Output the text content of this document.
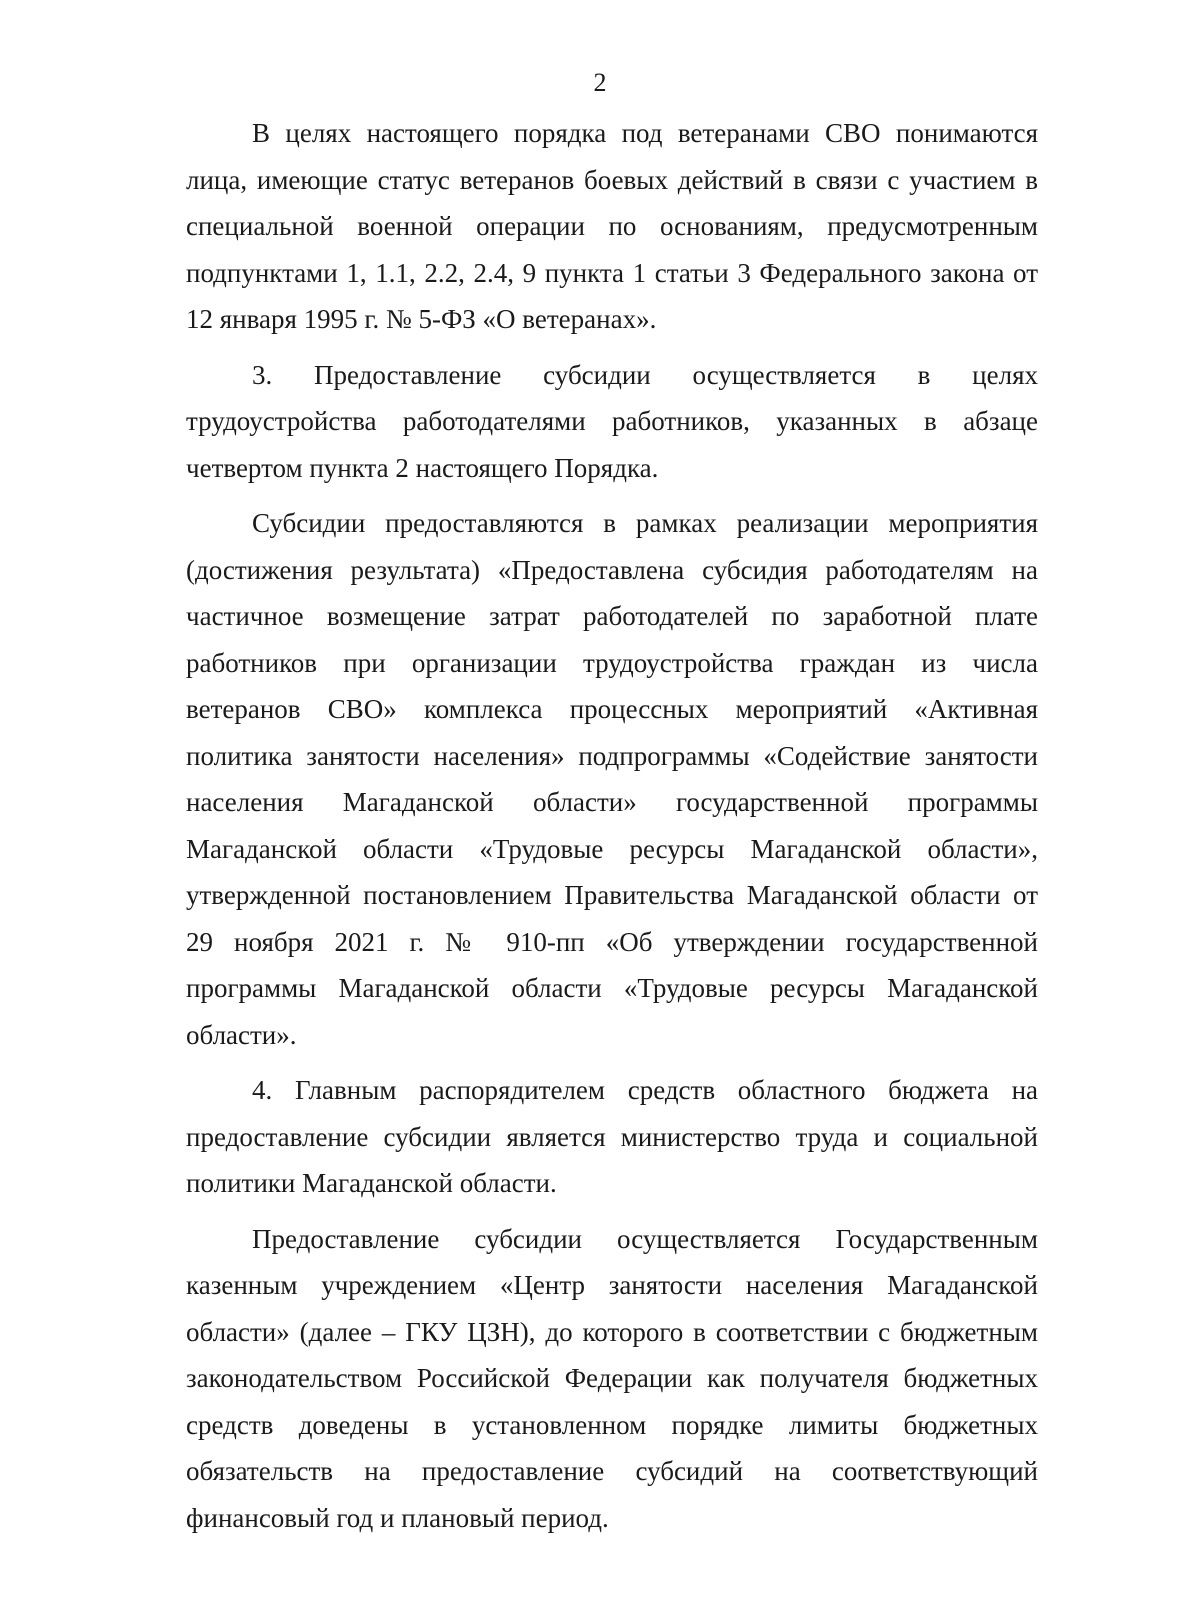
2

В целях настоящего порядка под ветеранами СВО понимаются лица, имеющие статус ветеранов боевых действий в связи с участием в специальной военной операции по основаниям, предусмотренным подпунктами 1, 1.1, 2.2, 2.4, 9 пункта 1 статьи 3 Федерального закона от 12 января 1995 г. № 5-ФЗ «О ветеранах».

3. Предоставление субсидии осуществляется в целях трудоустройства работодателями работников, указанных в абзаце четвертом пункта 2 настоящего Порядка.

Субсидии предоставляются в рамках реализации мероприятия (достижения результата) «Предоставлена субсидия работодателям на частичное возмещение затрат работодателей по заработной плате работников при организации трудоустройства граждан из числа ветеранов СВО» комплекса процессных мероприятий «Активная политика занятости населения» подпрограммы «Содействие занятости населения Магаданской области» государственной программы Магаданской области «Трудовые ресурсы Магаданской области», утвержденной постановлением Правительства Магаданской области от 29 ноября 2021 г. № 910-пп «Об утверждении государственной программы Магаданской области «Трудовые ресурсы Магаданской области».

4. Главным распорядителем средств областного бюджета на предоставление субсидии является министерство труда и социальной политики Магаданской области.

Предоставление субсидии осуществляется Государственным казенным учреждением «Центр занятости населения Магаданской области» (далее – ГКУ ЦЗН), до которого в соответствии с бюджетным законодательством Российской Федерации как получателя бюджетных средств доведены в установленном порядке лимиты бюджетных обязательств на предоставление субсидий на соответствующий финансовый год и плановый период.
